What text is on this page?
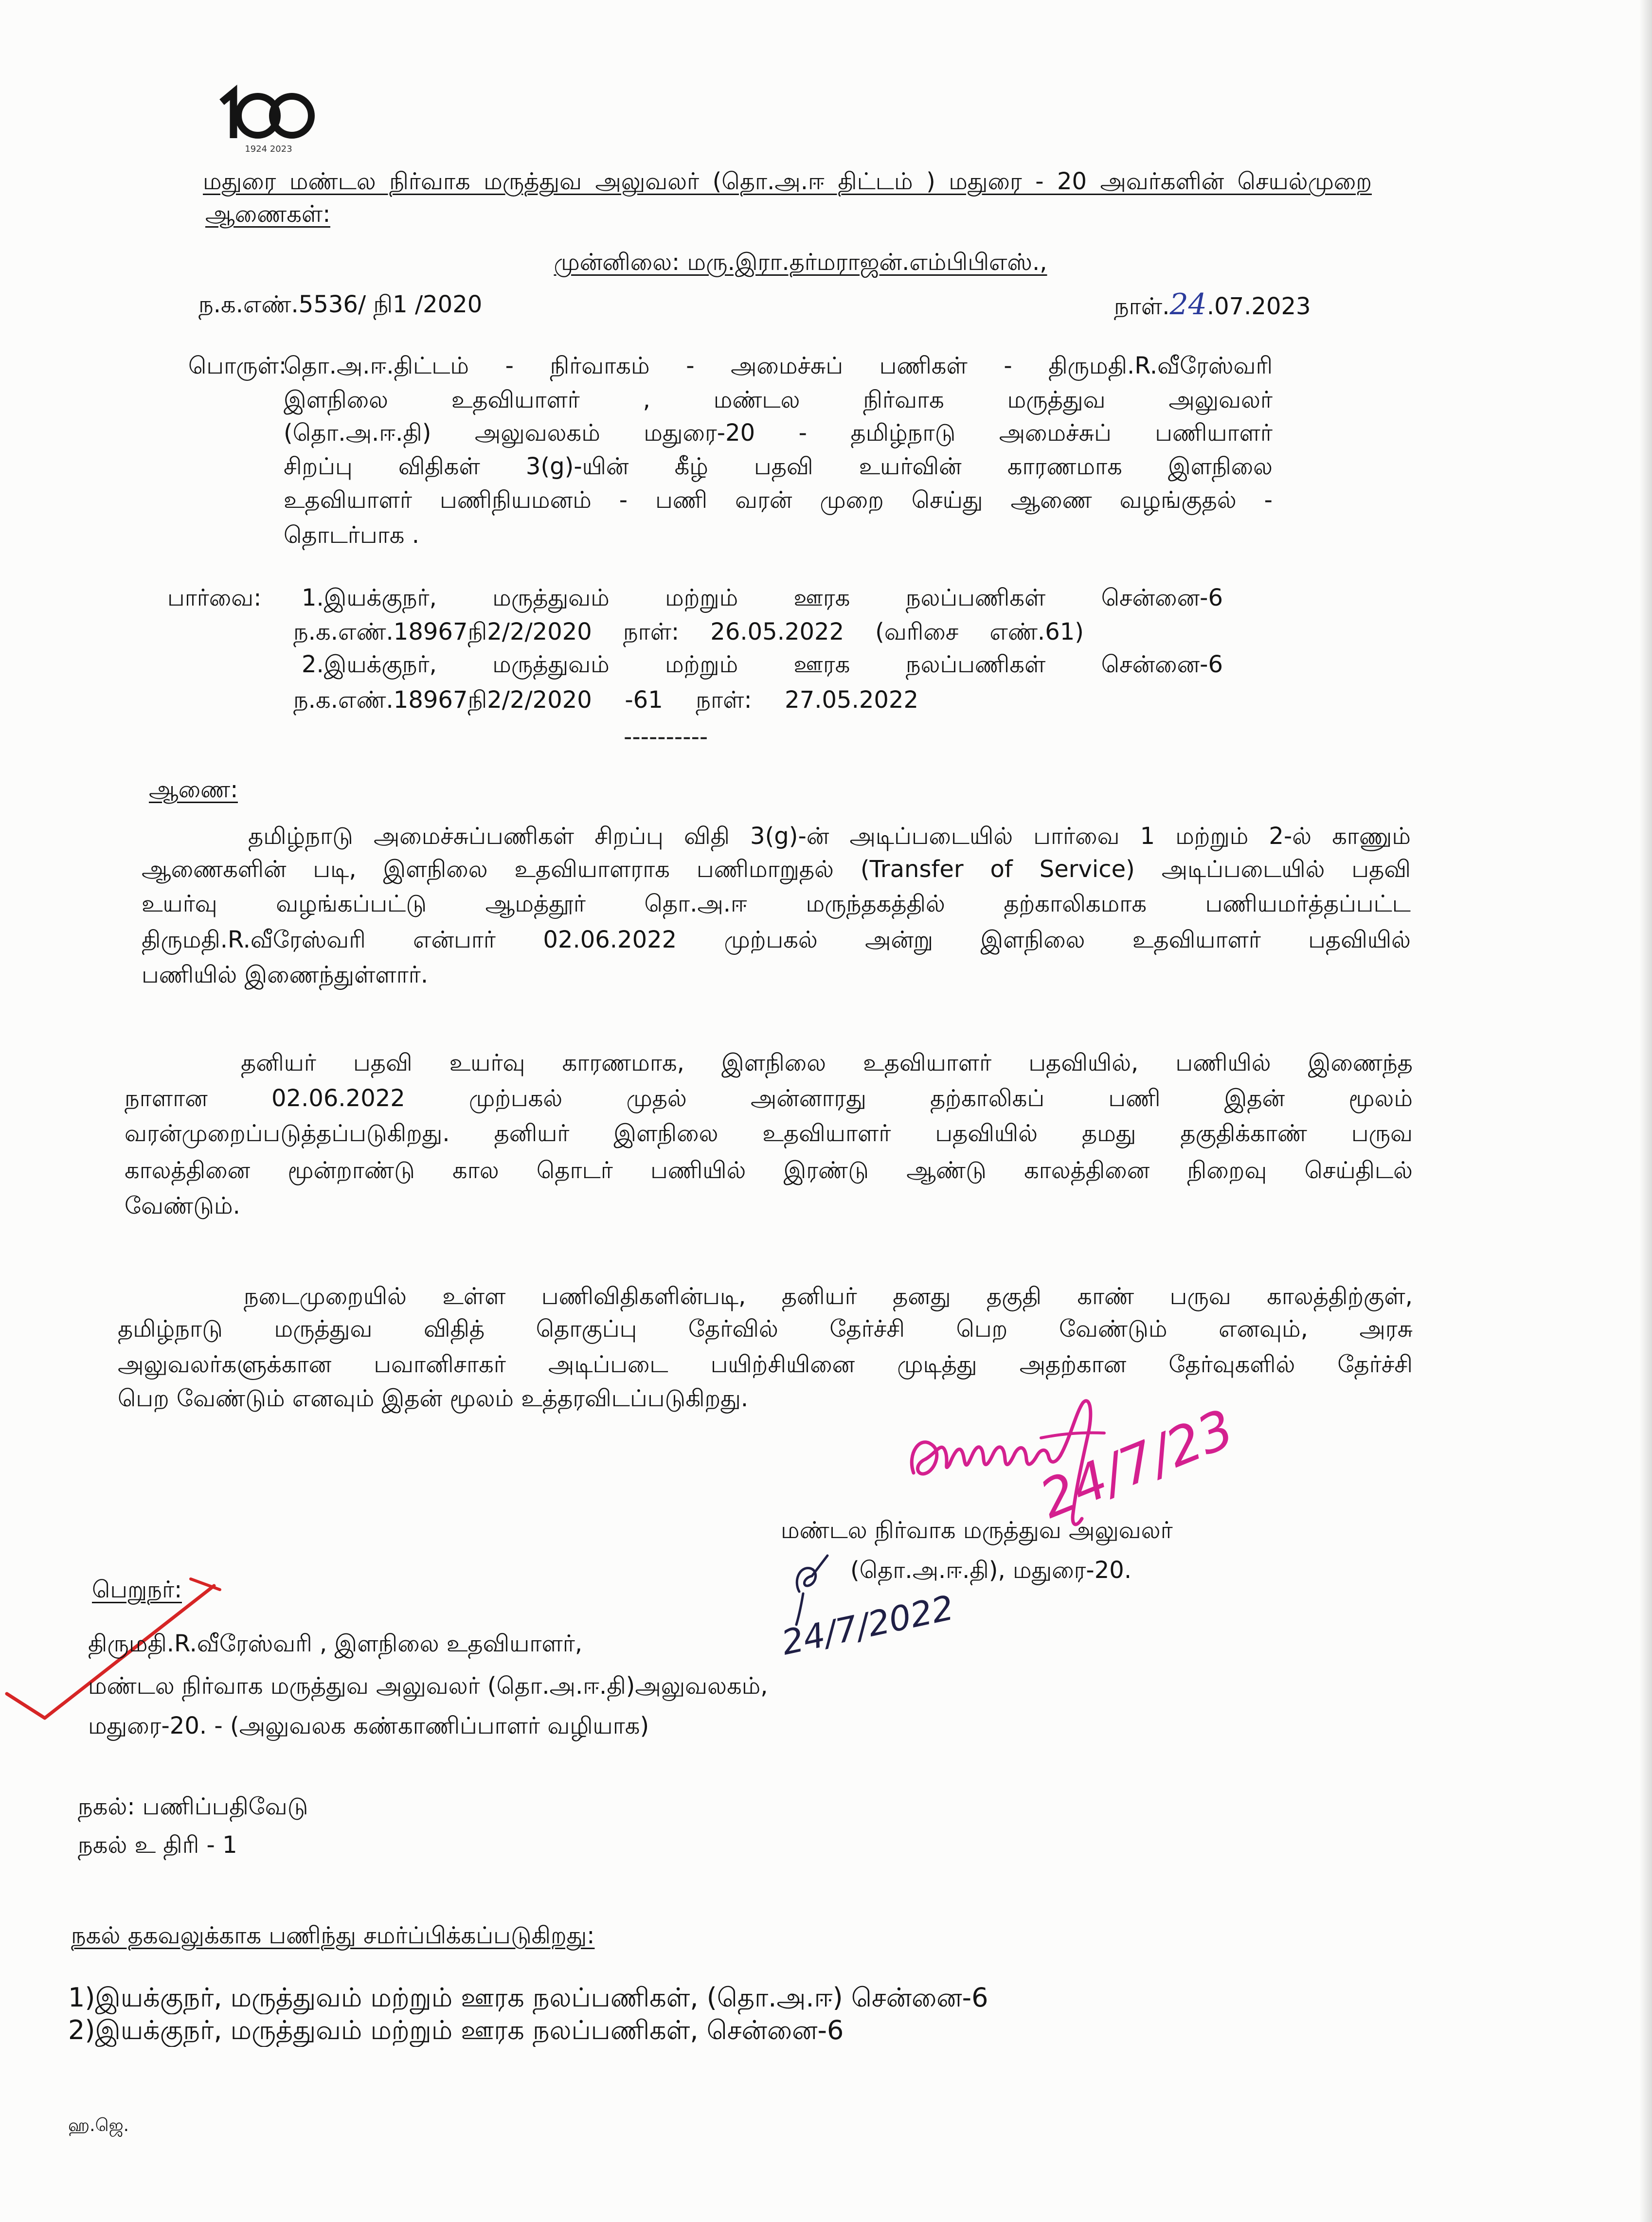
1924 2023
மதுரை மண்டல நிர்வாக மருத்துவ அலுவலர் (தொ.அ.ஈ திட்டம் ) மதுரை - 20 அவர்களின் செயல்முறை
ஆணைகள்:
முன்னிலை: மரு.இரா.தர்மராஜன்.எம்பிபிஎஸ்.,
ந.க.எண்.5536/ நி1 /2020	நாள்.24.07.2023
பொருள்:
தொ.அ.ஈ.திட்டம் - நிர்வாகம் - அமைச்சுப் பணிகள் - திருமதி.R.வீரேஸ்வரி
இளநிலை உதவியாளர் , மண்டல நிர்வாக மருத்துவ அலுவலர்
(தொ.அ.ஈ.தி) அலுவலகம் மதுரை-20 - தமிழ்நாடு அமைச்சுப் பணியாளர்
சிறப்பு விதிகள் 3(g)-யின் கீழ் பதவி உயர்வின் காரணமாக இளநிலை
உதவியாளர் பணிநியமனம் - பணி வரன் முறை செய்து ஆணை வழங்குதல் -
தொடர்பாக .
பார்வை: 1.இயக்குநர், மருத்துவம் மற்றும் ஊரக நலப்பணிகள் சென்னை-6
ந.க.எண்.18967நி2/2/2020 நாள்: 26.05.2022 (வரிசை எண்.61)
2.இயக்குநர், மருத்துவம் மற்றும் ஊரக நலப்பணிகள் சென்னை-6
ந.க.எண்.18967நி2/2/2020 -61 நாள்: 27.05.2022
----------
ஆணை:
தமிழ்நாடு அமைச்சுப்பணிகள் சிறப்பு விதி 3(g)-ன் அடிப்படையில் பார்வை 1 மற்றும் 2-ல் காணும்
ஆணைகளின் படி, இளநிலை உதவியாளராக பணிமாறுதல் (Transfer of Service) அடிப்படையில் பதவி
உயர்வு வழங்கப்பட்டு ஆமத்தூர் தொ.அ.ஈ மருந்தகத்தில் தற்காலிகமாக பணியமர்த்தப்பட்ட
திருமதி.R.வீரேஸ்வரி என்பார் 02.06.2022 முற்பகல் அன்று இளநிலை உதவியாளர் பதவியில்
பணியில் இணைந்துள்ளார்.
தனியர் பதவி உயர்வு காரணமாக, இளநிலை உதவியாளர் பதவியில், பணியில் இணைந்த
நாளான 02.06.2022 முற்பகல் முதல் அன்னாரது தற்காலிகப் பணி இதன் மூலம்
வரன்முறைப்படுத்தப்படுகிறது. தனியர் இளநிலை உதவியாளர் பதவியில் தமது தகுதிக்காண் பருவ
காலத்தினை மூன்றாண்டு கால தொடர் பணியில் இரண்டு ஆண்டு காலத்தினை நிறைவு செய்திடல்
வேண்டும்.
நடைமுறையில் உள்ள பணிவிதிகளின்படி, தனியர் தனது தகுதி காண் பருவ காலத்திற்குள்,
தமிழ்நாடு மருத்துவ விதித் தொகுப்பு தேர்வில் தேர்ச்சி பெற வேண்டும் எனவும், அரசு
அலுவலர்களுக்கான பவானிசாகர் அடிப்படை பயிற்சியினை முடித்து அதற்கான தேர்வுகளில் தேர்ச்சி
பெற வேண்டும் எனவும் இதன் மூலம் உத்தரவிடப்படுகிறது.	24/7/23
மண்டல நிர்வாக மருத்துவ அலுவலர்
(தொ.அ.ஈ.தி), மதுரை-20.
24/7/2022
பெறுநர்:
திருமதி.R.வீரேஸ்வரி , இளநிலை உதவியாளர்,
மண்டல நிர்வாக மருத்துவ அலுவலர் (தொ.அ.ஈ.தி)அலுவலகம்,
மதுரை-20. - (அலுவலக கண்காணிப்பாளர் வழியாக)
நகல்: பணிப்பதிவேடு
நகல் உ திரி - 1
நகல் தகவலுக்காக பணிந்து சமர்ப்பிக்கப்படுகிறது:
1)இயக்குநர், மருத்துவம் மற்றும் ஊரக நலப்பணிகள், (தொ.அ.ஈ) சென்னை-6
2)இயக்குநர், மருத்துவம் மற்றும் ஊரக நலப்பணிகள், சென்னை-6
ஹ.ஜெ.
